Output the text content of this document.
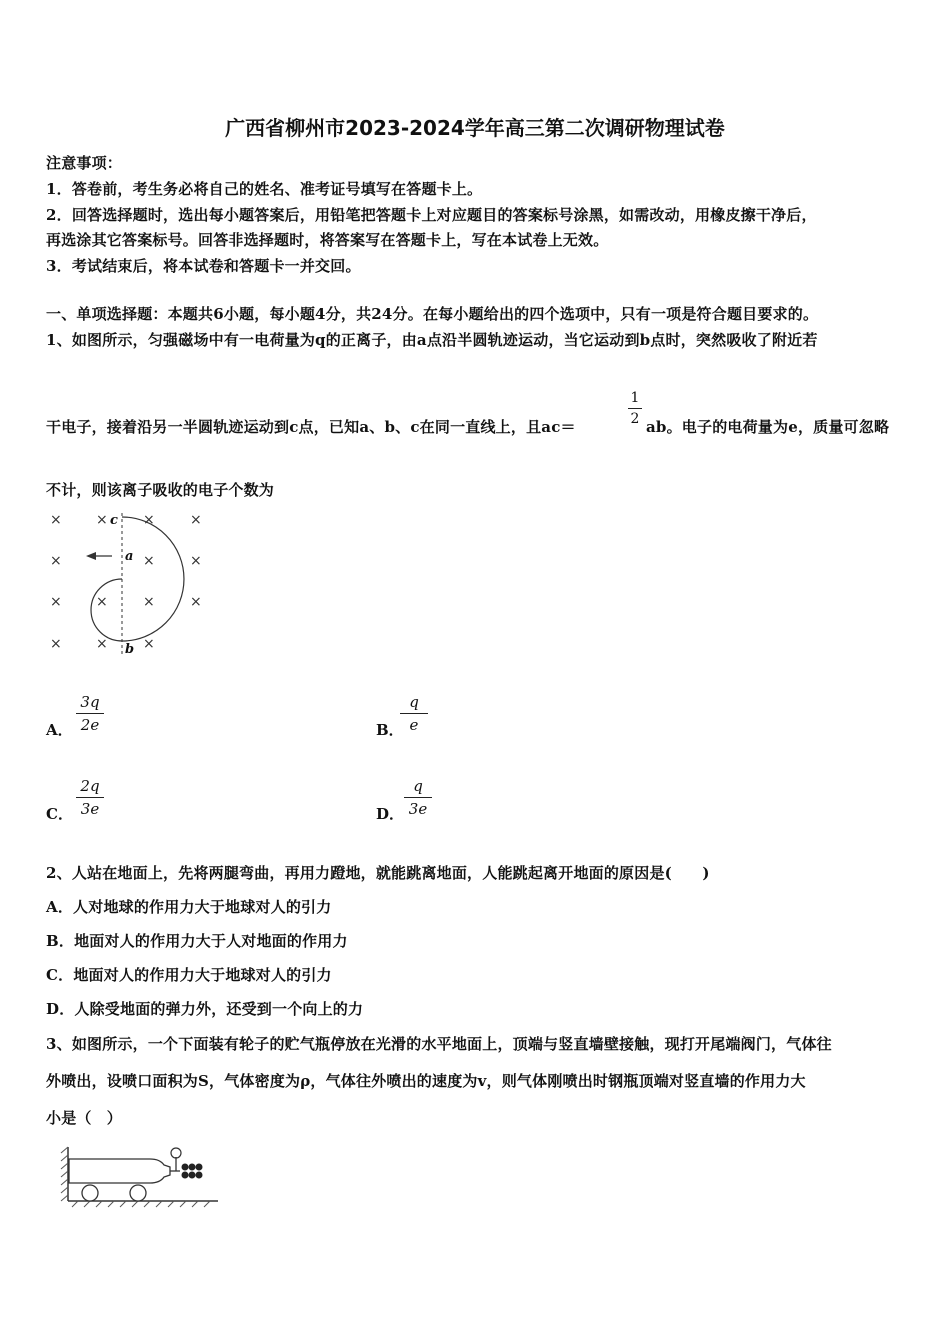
广西省柳州市2023-2024学年高三第二次调研物理试卷
注意事项：
1．答卷前，考生务必将自己的姓名、准考证号填写在答题卡上。
2．回答选择题时，选出每小题答案后，用铅笔把答题卡上对应题目的答案标号涂黑，如需改动，用橡皮擦干净后，
再选涂其它答案标号。回答非选择题时，将答案写在答题卡上，写在本试卷上无效。
3．考试结束后，将本试卷和答题卡一并交回。
一、单项选择题：本题共6小题，每小题4分，共24分。在每小题给出的四个选项中，只有一项是符合题目要求的。
1、如图所示，匀强磁场中有一电荷量为q的正离子，由a点沿半圆轨迹运动，当它运动到b点时，突然吸收了附近若
干电子，接着沿另一半圆轨迹运动到c点，已知a、b、c在同一直线上，且ac＝
1
2 ab。电子的电荷量为e，质量可忽略
不计，则该离子吸收的电子个数为
× ×	×	×
×	×	×
× ×	×	×
× ×	×
c
a
b
A．
3q
2e	B．
q
e
C．
2q
3e	D．
q
3e
2、人站在地面上，先将两腿弯曲，再用力蹬地，就能跳离地面，人能跳起离开地面的原因是(　　)
A．人对地球的作用力大于地球对人的引力
B．地面对人的作用力大于人对地面的作用力
C．地面对人的作用力大于地球对人的引力
D．人除受地面的弹力外，还受到一个向上的力
3、如图所示，一个下面装有轮子的贮气瓶停放在光滑的水平地面上，顶端与竖直墙壁接触，现打开尾端阀门，气体往
外喷出，设喷口面积为S，气体密度为ρ，气体往外喷出的速度为v，则气体刚喷出时钢瓶顶端对竖直墙的作用力大
小是（　）
